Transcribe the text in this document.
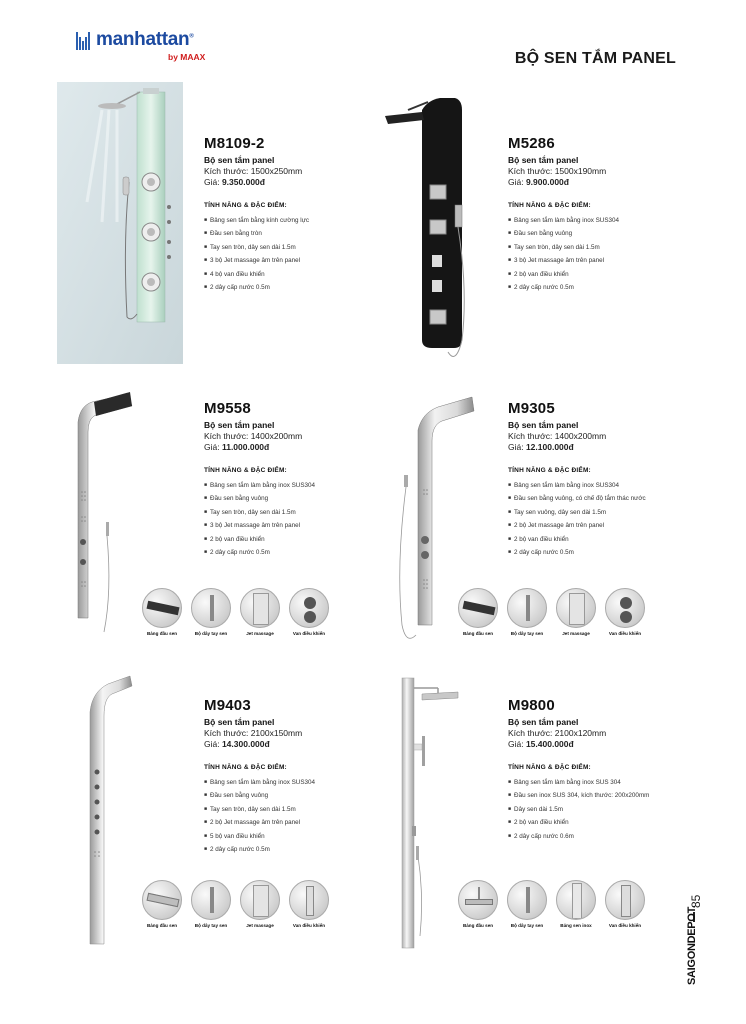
manhattan®
by MAAX	BỘ SEN TẮM PANEL
M8109-2
Bộ sen tắm panel
Kích thước: 1500x250mm
Giá: 9.350.000đ
TÍNH NĂNG & ĐẶC ĐIỂM:
■ Bảng sen tắm bằng kính cường lực
■ Đầu sen bằng tròn
■ Tay sen tròn, dây sen dài 1.5m
■ 3 bộ Jet massage âm trên panel
■ 4 bộ van điều khiển
■ 2 dây cấp nước 0.5m
M5286
Bộ sen tắm panel
Kích thước: 1500x190mm
Giá: 9.900.000đ
TÍNH NĂNG & ĐẶC ĐIỂM:
■ Bảng sen tắm làm bằng inox SUS304
■ Đầu sen bằng vuông
■ Tay sen tròn, dây sen dài 1.5m
■ 3 bộ Jet massage âm trên panel
■ 2 bộ van điều khiển
■ 2 dây cấp nước 0.5m
M9558
Bộ sen tắm panel
Kích thước: 1400x200mm
Giá: 11.000.000đ
TÍNH NĂNG & ĐẶC ĐIỂM:
■ Bảng sen tắm làm bằng inox SUS304
■ Đầu sen bằng vuông
■ Tay sen tròn, dây sen dài 1.5m
■ 3 bộ Jet massage âm trên panel
■ 2 bộ van điều khiển
■ 2 dây cấp nước 0.5m
Bảng đầu sen	Bộ dây tay sen	Jet massage	Van điều khiển
M9305
Bộ sen tắm panel
Kích thước: 1400x200mm
Giá: 12.100.000đ
TÍNH NĂNG & ĐẶC ĐIỂM:
■ Bảng sen tắm làm bằng inox SUS304
■ Đầu sen bằng vuông, có chế độ tắm thác nước
■ Tay sen vuông, dây sen dài 1.5m
■ 2 bộ Jet massage âm trên panel
■ 2 bộ van điều khiển
■ 2 dây cấp nước 0.5m
Bảng đầu sen	Bộ dây tay sen	Jet massage	Van điều khiển
M9403
Bộ sen tắm panel
Kích thước: 2100x150mm
Giá: 14.300.000đ
TÍNH NĂNG & ĐẶC ĐIỂM:
■ Bảng sen tắm làm bằng inox SUS304
■ Đầu sen bằng vuông
■ Tay sen tròn, dây sen dài 1.5m
■ 2 bộ Jet massage âm trên panel
■ 5 bộ van điều khiển
■ 2 dây cấp nước 0.5m
Bảng đầu sen	Bộ dây tay sen	Jet massage	Van điều khiển
M9800
Bộ sen tắm panel
Kích thước: 2100x120mm
Giá: 15.400.000đ
TÍNH NĂNG & ĐẶC ĐIỂM:
■ Bảng sen tắm làm bằng inox SUS 304
■ Đầu sen inox SUS 304, kích thước: 200x200mm
■ Dây sen dài 1.5m
■ 2 bộ van điều khiển
■ 2 dây cấp nước 0.6m
Bảng đầu sen	Bộ dây tay sen	Bảng sen inox	Van điều khiển
85
SAIGONDEPOT.
